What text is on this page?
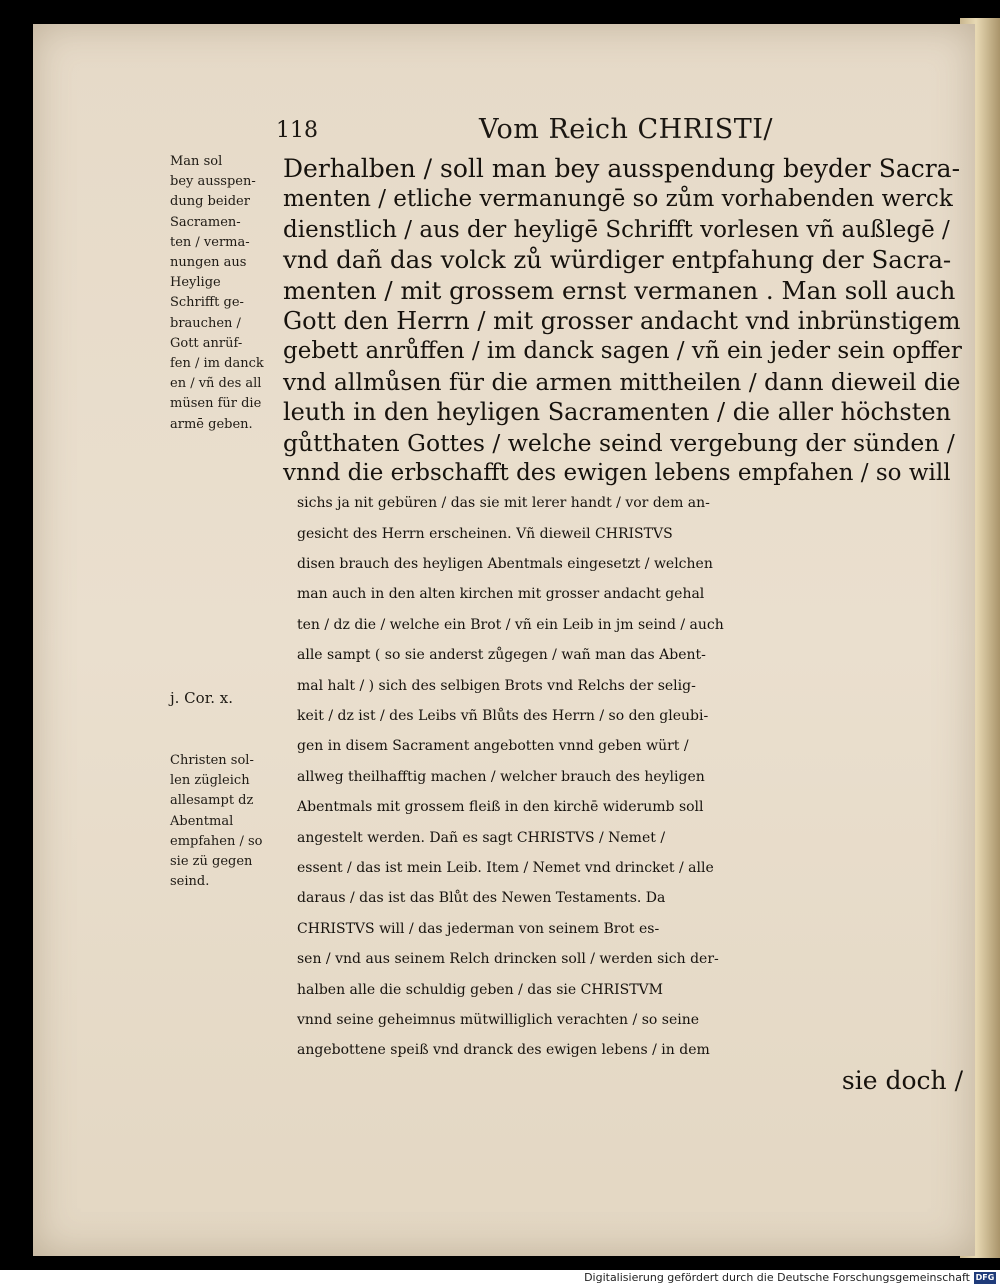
118	Vom Reich CHRISTI/
Man sol
bey ausspen-
dung beider
Sacramen-
ten / verma-
nungen aus
Heylige
Schrifft ge-
brauchen /
Gott anrüf-
fen / im danck
en / vñ des all
müsen für die
armē geben.
j. Cor. x.
Christen sol-
len zügleich
allesampt dz
Abentmal
empfahen / so
sie zü gegen
seind.
Derhalben / soll man bey ausspendung beyder Sacra-
menten / etliche vermanungē so zům vorhabenden werck
dienstlich / aus der heyligē Schrifft vorlesen vñ außlegē /
vnd dañ das volck zů würdiger entpfahung der Sacra-
menten / mit grossem ernst vermanen . Man soll auch
Gott den Herrn / mit grosser andacht vnd inbrünstigem
gebett anrůffen / im danck sagen / vñ ein jeder sein opffer
vnd allmůsen für die armen mittheilen / dann dieweil die
leuth in den heyligen Sacramenten / die aller höchsten
gůtthaten Gottes / welche seind vergebung der sünden /
vnnd die erbschafft des ewigen lebens empfahen / so will
sichs ja nit gebüren / das sie mit lerer handt / vor dem an-
gesicht des Herrn erscheinen. Vñ dieweil CHRISTVS
disen brauch des heyligen Abentmals eingesetzt / welchen
man auch in den alten kirchen mit grosser andacht gehal
ten / dz die / welche ein Brot / vñ ein Leib in jm seind / auch
alle sampt ( so sie anderst zůgegen / wañ man das Abent-
mal halt / ) sich des selbigen Brots vnd Relchs der selig-
keit / dz ist / des Leibs vñ Blůts des Herrn / so den gleubi-
gen in disem Sacrament angebotten vnnd geben würt /
allweg theilhafftig machen / welcher brauch des heyligen
Abentmals mit grossem fleiß in den kirchē widerumb soll
angestelt werden. Dañ es sagt CHRISTVS / Nemet /
essent / das ist mein Leib. Item / Nemet vnd drincket / alle
daraus / das ist das Blůt des Newen Testaments. Da
CHRISTVS will / das jederman von seinem Brot es-
sen / vnd aus seinem Relch drincken soll / werden sich der-
halben alle die schuldig geben / das sie CHRISTVM
vnnd seine geheimnus mütwilliglich verachten / so seine
angebottene speiß vnd dranck des ewigen lebens / in dem
sie doch /
Digitalisierung gefördert durch die Deutsche Forschungsgemeinschaft DFG
